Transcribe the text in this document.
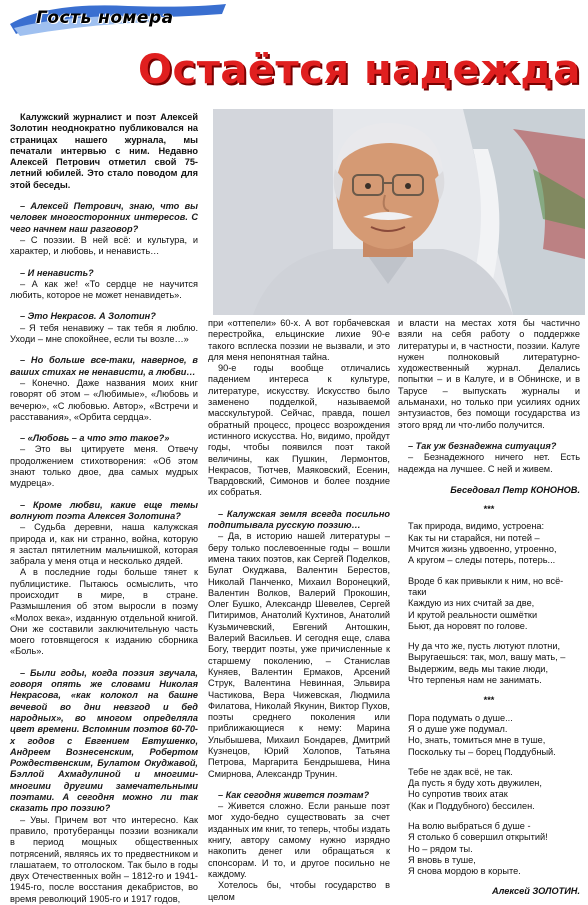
Гость номера
Остаётся надежда

Калужский журналист и поэт Алексей Золотин неоднократно публиковался на страницах нашего журнала, мы печатали интервью с ним. Недавно Алексей Петрович отметил свой 75-летний юбилей. Это стало поводом для этой беседы.

– Алексей Петрович, знаю, что вы человек многосторонних интересов. С чего начнем наш разговор?

– С поэзии. В ней всё: и культура, и характер, и любовь, и ненависть…

– И ненависть?

– А как же! «То сердце не научится любить, которое не может ненавидеть».

– Это Некрасов. А Золотин?

– Я тебя ненавижу – так тебя я люблю. Уходи – мне спокойнее, если ты возле…»

– Но больше все-таки, наверное, в ваших стихах не ненависти, а любви…

– Конечно. Даже названия моих книг говорят об этом – «Любимые», «Любовь и вечерю», «С любовью. Автор», «Встречи и расставания», «Орбита сердца».

– «Любовь – а что это такое?»

– Это вы цитируете меня. Отвечу продолжением стихотворения: «Об этом знают только двое, два самых мудрых мудреца».

– Кроме любви, какие еще темы волнуют поэта Алексея Золотина?

– Судьба деревни, наша калужская природа и, как ни странно, война, которую я застал пятилетним мальчишкой, которая забрала у меня отца и несколько дядей.

А в последние годы больше тянет к публицистике. Пытаюсь осмыслить, что происходит в мире, в стране. Размышления об этом выросли в поэму «Молох века», изданную отдельной книгой. Они же составили заключительную часть моего готовящегося к изданию сборника «Боль».

– Были годы, когда поэзия звучала, говоря опять же словами Николая Некрасова, «как колокол на башне вечевой во дни невзгод и бед народных», во многом определяла цвет времени. Вспомним поэтов 60-70-х годов с Евгением Евтушенко, Андреем Вознесенским, Робертом Рождественским, Булатом Окуджавой, Бэллой Ахмадулиной и многими-многими другими замечательными поэтами. А сегодня можно ли так сказать про поэзию?

– Увы. Причем вот что интересно. Как правило, протуберанцы поэзии возникали в период мощных общественных потрясений, являясь их то предвестником и глашатаем, то отголоском. Так было в годы двух Отечественных войн – 1812-го и 1941-1945-го, после восстания декабристов, во время революций 1905-го и 1917 годов,

при «оттепели» 60-х. А вот горбачевская перестройка, ельцинские лихие 90-е такого всплеска поэзии не вызвали, и это для меня непонятная тайна.

90-е годы вообще отличались падением интереса к культуре, литературе, искусству. Искусство было заменено подделкой, называемой масскультурой. Сейчас, правда, пошел обратный процесс, процесс возрождения истинного искусства. Но, видимо, пройдут годы, чтобы появился поэт такой величины, как Пушкин, Лермонтов, Некрасов, Тютчев, Маяковский, Есенин, Твардовский, Симонов и более поздние их собратья.

– Калужская земля всегда посильно подпитывала русскую поэзию…

– Да, в историю нашей литературы – беру только послевоенные годы – вошли имена таких поэтов, как Сергей Поделков, Булат Окуджава, Валентин Берестов, Николай Панченко, Михаил Воронецкий, Валентин Волков, Валерий Прокошин, Олег Бушко, Александр Шевелев, Сергей Питиримов, Анатолий Кухтинов, Анатолий Кузьмичевский, Евгений Антошкин, Валерий Васильев. И сегодня еще, слава Богу, твердит поэты, уже причисленные к старшему поколению, – Станислав Куняев, Валентин Ермаков, Арсений Струк, Валентина Невинная, Эльвира Частикова, Вера Чижевская, Людмила Филатова, Николай Якунин, Виктор Пухов, поэты среднего поколения или приближающиеся к нему: Марина Улыбышева, Михаил Бондарев, Дмитрий Кузнецов, Юрий Холопов, Татьяна Петрова, Маргарита Бендрышева, Нина Смирнова, Александр Трунин.

– Как сегодня живется поэтам?

– Живется сложно. Если раньше поэт мог худо-бедно существовать за счет изданных им книг, то теперь, чтобы издать книгу, автору самому нужно изрядно накопить денег или обращаться к спонсорам. И то, и другое посильно не каждому.

Хотелось бы, чтобы государство в целом

и власти на местах хотя бы частично взяли на себя работу о поддержке литературы и, в частности, поэзии. Калуге нужен полноковый литературно-художественный журнал. Делались попытки – и в Калуге, и в Обнинске, и в Тарусе – выпускать журналы и альманахи, но только при усилиях одних энтузиастов, без помощи государства из этого вряд ли что-либо получится.

– Так уж безнадежна ситуация?

– Безнадежного ничего нет. Есть надежда на лучшее. С ней и живем.

Беседовал Петр КОНОНОВ.

***

Так природа, видимо, устроена:

Как ты ни старайся, ни потей –

Мчится жизнь удвоенно, утроенно,

А кругом – следы потерь, потерь...

Вроде б как привыкли к ним, но всё-таки

Каждую из них считай за две,

И крутой реальности ошмётки

Бьют, да норовят по голове.

Ну да что же, пусть лютуют плотни,

Выругаешься: так, мол, вашу мать, –

Выдержим, ведь мы такие люди,

Что терпенья нам не занимать.

***

Пора подумать о душе...

Я о душе уже подумал.

Но, знать, томиться мне в туше,

Поскольку ты – борец Поддубный.

Тебе не здак всё, не так.

Да пусть я буду хоть двужилен,

Но супротив твоих атак

(Как и Поддубного) бессилен.

На волю выбраться б душе -

Я столько б совершил открытий!

Но – рядом ты.

Я вновь в туше,

Я снова мордою в корыте.

Алексей ЗОЛОТИН.
